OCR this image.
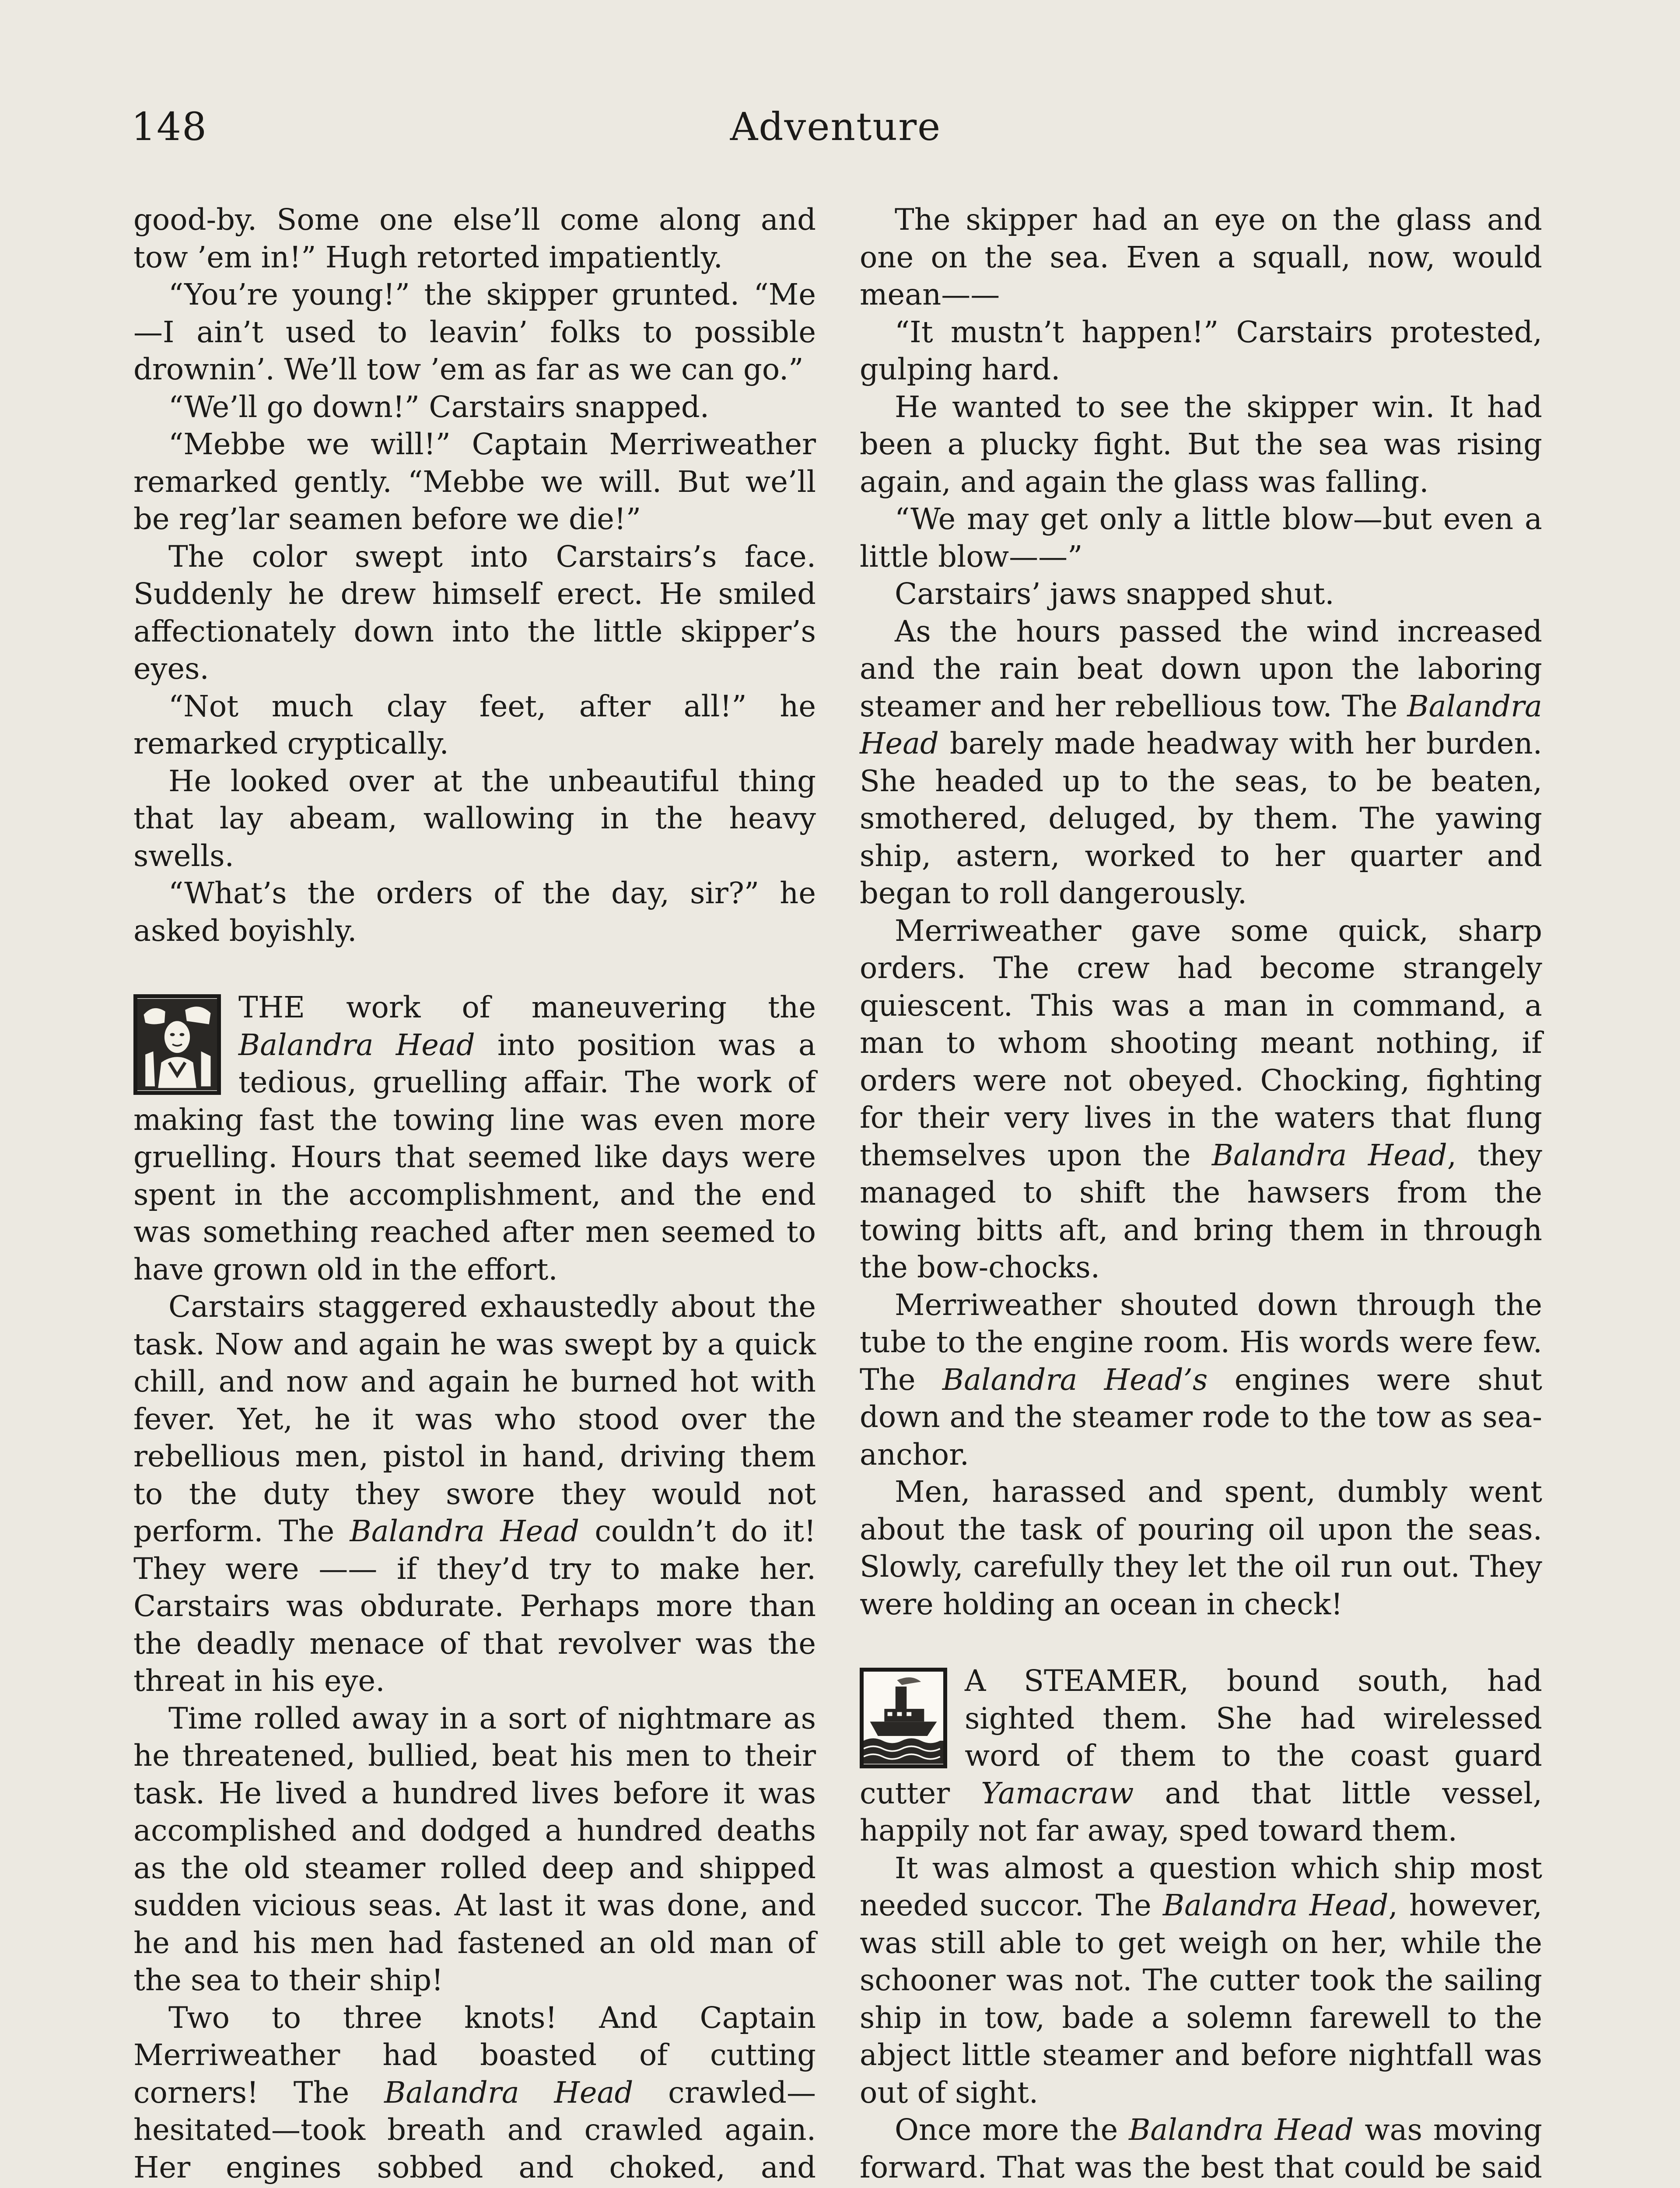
148	Adventure

good-by. Some one else’ll come along and tow ’em in!” Hugh retorted impatiently.

“You’re young!” the skipper grunted. “Me—I ain’t used to leavin’ folks to possible drownin’. We’ll tow ’em as far as we can go.”

“We’ll go down!” Carstairs snapped.

“Mebbe we will!” Captain Merriweather remarked gently. “Mebbe we will. But we’ll be reg’lar seamen before we die!”

The color swept into Carstairs’s face. Suddenly he drew himself erect. He smiled affectionately down into the little skipper’s eyes.

“Not much clay feet, after all!” he remarked cryptically.

He looked over at the unbeautiful thing that lay abeam, wallowing in the heavy swells.

“What’s the orders of the day, sir?” he asked boyishly.

THE work of maneuvering the Balandra Head into position was a tedious, gruelling affair. The work of making fast the towing line was even more gruelling. Hours that seemed like days were spent in the accomplishment, and the end was something reached after men seemed to have grown old in the effort.

Carstairs staggered exhaustedly about the task. Now and again he was swept by a quick chill, and now and again he burned hot with fever. Yet, he it was who stood over the rebellious men, pistol in hand, driving them to the duty they swore they would not perform. The Balandra Head couldn’t do it! They were —— if they’d try to make her. Carstairs was obdurate. Perhaps more than the deadly menace of that revolver was the threat in his eye.

Time rolled away in a sort of nightmare as he threatened, bullied, beat his men to their task. He lived a hundred lives before it was accomplished and dodged a hundred deaths as the old steamer rolled deep and shipped sudden vicious seas. At last it was done, and he and his men had fastened an old man of the sea to their ship!

Two to three knots! And Captain Merriweather had boasted of cutting corners! The Balandra Head crawled—hesitated—took breath and crawled again. Her engines sobbed and choked, and

The skipper had an eye on the glass and one on the sea. Even a squall, now, would mean——

“It mustn’t happen!” Carstairs protested, gulping hard.

He wanted to see the skipper win. It had been a plucky fight. But the sea was rising again, and again the glass was falling.

“We may get only a little blow—but even a little blow——”

Carstairs’ jaws snapped shut.

As the hours passed the wind increased and the rain beat down upon the laboring steamer and her rebellious tow. The Balandra Head barely made headway with her burden. She headed up to the seas, to be beaten, smothered, deluged, by them. The yawing ship, astern, worked to her quarter and began to roll dangerously.

Merriweather gave some quick, sharp orders. The crew had become strangely quiescent. This was a man in command, a man to whom shooting meant nothing, if orders were not obeyed. Chocking, fighting for their very lives in the waters that flung themselves upon the Balandra Head, they managed to shift the hawsers from the towing bitts aft, and bring them in through the bow-chocks.

Merriweather shouted down through the tube to the engine room. His words were few. The Balandra Head’s engines were shut down and the steamer rode to the tow as sea-anchor.

Men, harassed and spent, dumbly went about the task of pouring oil upon the seas. Slowly, carefully they let the oil run out. They were holding an ocean in check!

A STEAMER, bound south, had sighted them. She had wirelessed word of them to the coast guard cutter Yamacraw and that little vessel, happily not far away, sped toward them.

It was almost a question which ship most needed succor. The Balandra Head, however, was still able to get weigh on her, while the schooner was not. The cutter took the sailing ship in tow, bade a solemn farewell to the abject little steamer and before nightfall was out of sight.

Once more the Balandra Head was moving forward. That was the best that could be said
